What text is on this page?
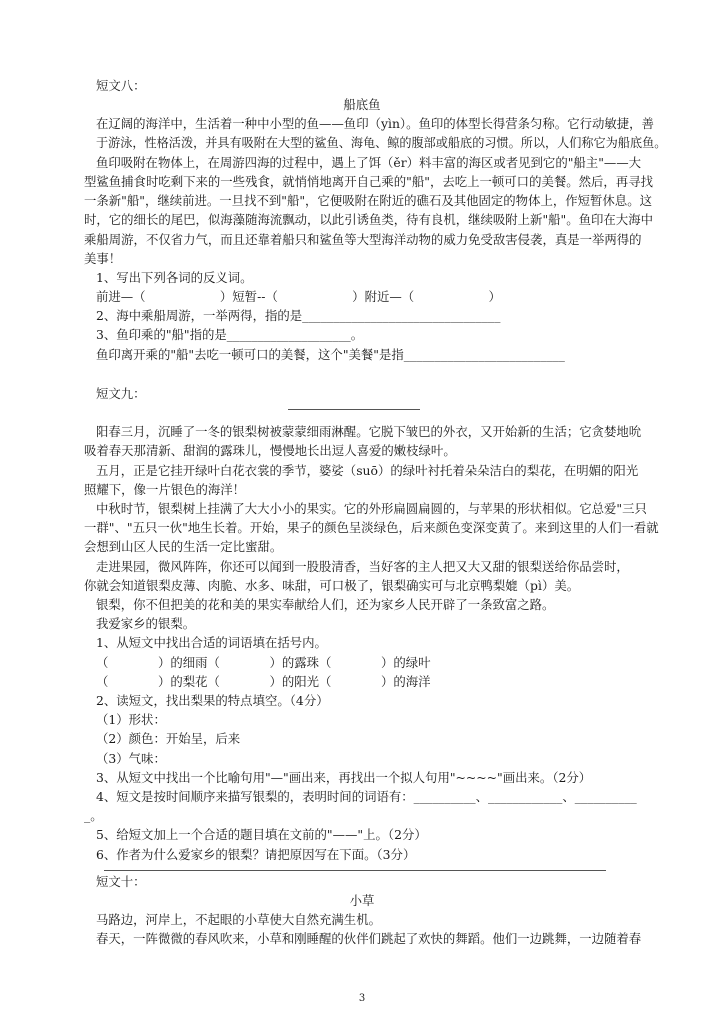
短文八：
船底鱼
在辽阔的海洋中，生活着一种中小型的鱼——鱼印（yìn）。鱼印的体型长得营条匀称。它行动敏捷，善
于游泳，性格活泼，并具有吸附在大型的鲨鱼、海龟、鲸的腹部或船底的习惯。所以，人们称它为船底鱼。
鱼印吸附在物体上，在周游四海的过程中，遇上了饵（ěr）料丰富的海区或者见到它的"船主"——大
型鲨鱼捕食时吃剩下来的一些残食，就悄悄地离开自己乘的"船"，去吃上一顿可口的美餐。然后，再寻找
一条新"船"，继续前进。一旦找不到"船"，它便吸附在附近的礁石及其他固定的物体上，作短暂休息。这
时，它的细长的尾巴，似海藻随海流飘动，以此引诱鱼类，待有良机，继续吸附上新"船"。鱼印在大海中
乘船周游，不仅省力气，而且还靠着船只和鲨鱼等大型海洋动物的威力免受敌害侵袭，真是一举两得的
美事！
1、写出下列各词的反义词。
前进—（　　　　　　）短暂--（　　　　　　）附近—（　　　　　　）
2、海中乘船周游，一举两得，指的是________________________________
3、鱼印乘的"船"指的是____________________。
鱼印离开乘的"船"去吃一顿可口的美餐，这个"美餐"是指__________________________
短文九：
阳春三月，沉睡了一冬的银梨树被蒙蒙细雨淋醒。它脱下皱巴的外衣，又开始新的生活；它贪婪地吮
吸着春天那清新、甜润的露珠儿，慢慢地长出逗人喜爱的嫩枝绿叶。
五月，正是它挂开绿叶白花衣裳的季节，婆娑（suō）的绿叶衬托着朵朵洁白的梨花，在明媚的阳光
照耀下，像一片银色的海洋！
中秋时节，银梨树上挂满了大大小小的果实。它的外形扁圆扁圆的，与苹果的形状相似。它总爱"三只
一群"、"五只一伙"地生长着。开始，果子的颜色呈淡绿色，后来颜色变深变黄了。来到这里的人们一看就
会想到山区人民的生活一定比蜜甜。
走进果园，微风阵阵，你还可以闻到一股股清香，当好客的主人把又大又甜的银梨送给你品尝时，
你就会知道银梨皮薄、肉脆、水多、味甜，可口极了，银梨确实可与北京鸭梨媲（pì）美。
银梨，你不但把美的花和美的果实奉献给人们，还为家乡人民开辟了一条致富之路。
我爱家乡的银梨。
1、从短文中找出合适的词语填在括号内。
（　　　　）的细雨（　　　　）的露珠（　　　　）的绿叶
（　　　　）的梨花（　　　　）的阳光（　　　　）的海洋
2、读短文，找出梨果的特点填空。（4分）
（1）形状：
（2）颜色：开始呈，后来
（3）气味：
3、从短文中找出一个比喻句用"—"画出来，再找出一个拟人句用"~~~~"画出来。（2分）
4、短文是按时间顺序来描写银梨的，表明时间的词语有：__________、____________、__________
_。
5、给短文加上一个合适的题目填在文前的"——"上。（2分）
6、作者为什么爱家乡的银梨？请把原因写在下面。（3分）
短文十：
小草
马路边，河岸上，不起眼的小草使大自然充满生机。
春天，一阵微微的春风吹来，小草和刚睡醒的伙伴们跳起了欢快的舞蹈。他们一边跳舞，一边随着春
3
